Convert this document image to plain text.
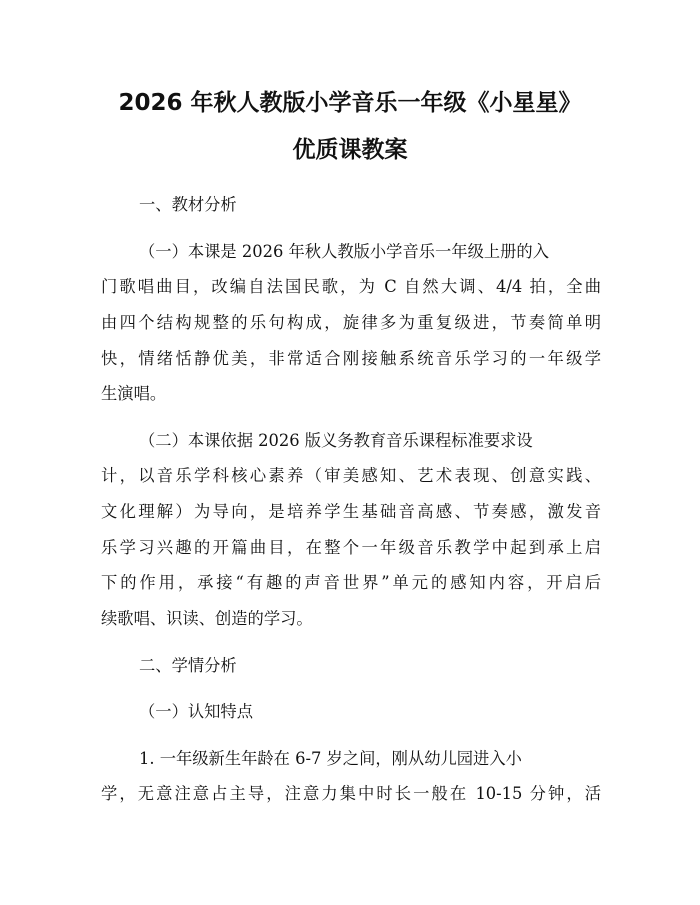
2026 年秋人教版小学音乐一年级《小星星》
优质课教案
一、教材分析
（一）本课是 2026 年秋人教版小学音乐一年级上册的入
门歌唱曲目，改编自法国民歌，为 C 自然大调、4/4 拍，全曲
由四个结构规整的乐句构成，旋律多为重复级进，节奏简单明
快，情绪恬静优美，非常适合刚接触系统音乐学习的一年级学
生演唱。
（二）本课依据 2026 版义务教育音乐课程标准要求设
计，以音乐学科核心素养（审美感知、艺术表现、创意实践、
文化理解）为导向，是培养学生基础音高感、节奏感，激发音
乐学习兴趣的开篇曲目，在整个一年级音乐教学中起到承上启
下的作用，承接“有趣的声音世界”单元的感知内容，开启后
续歌唱、识读、创造的学习。
二、学情分析
（一）认知特点
1. 一年级新生年龄在 6-7 岁之间，刚从幼儿园进入小
学，无意注意占主导，注意力集中时长一般在 10-15 分钟，活
